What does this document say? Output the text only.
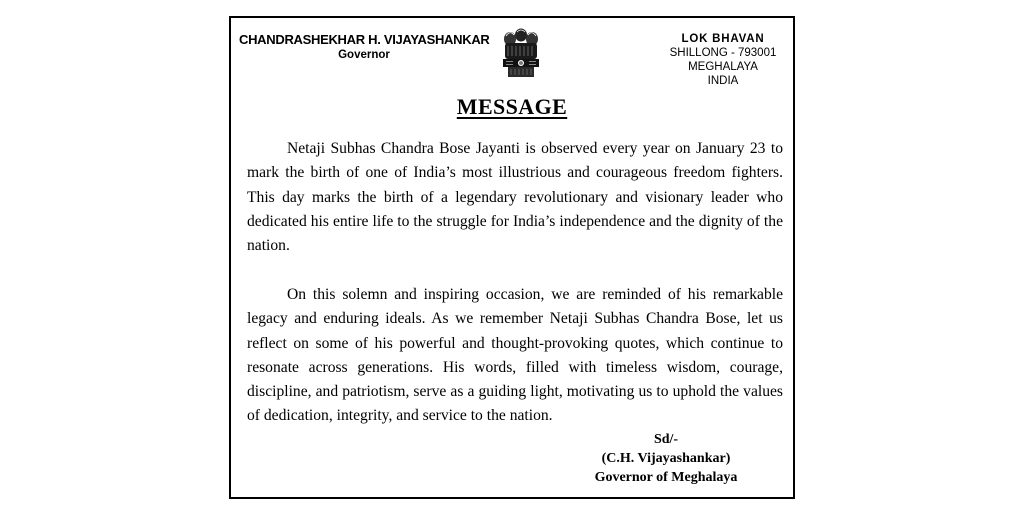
CHANDRASHEKHAR H. VIJAYASHANKAR
Governor
LOK BHAVAN
SHILLONG - 793001
MEGHALAYA
INDIA
MESSAGE

Netaji Subhas Chandra Bose Jayanti is observed every year on January 23 to mark the birth of one of India’s most illustrious and courageous freedom fighters. This day marks the birth of a legendary revolutionary and visionary leader who dedicated his entire life to the struggle for India’s independence and the dignity of the nation.

On this solemn and inspiring occasion, we are reminded of his remarkable legacy and enduring ideals. As we remember Netaji Subhas Chandra Bose, let us reflect on some of his powerful and thought-provoking quotes, which continue to resonate across generations. His words, filled with timeless wisdom, courage, discipline, and patriotism, serve as a guiding light, motivating us to uphold the values of dedication, integrity, and service to the nation.

Sd/-
(C.H. Vijayashankar)
Governor of Meghalaya
